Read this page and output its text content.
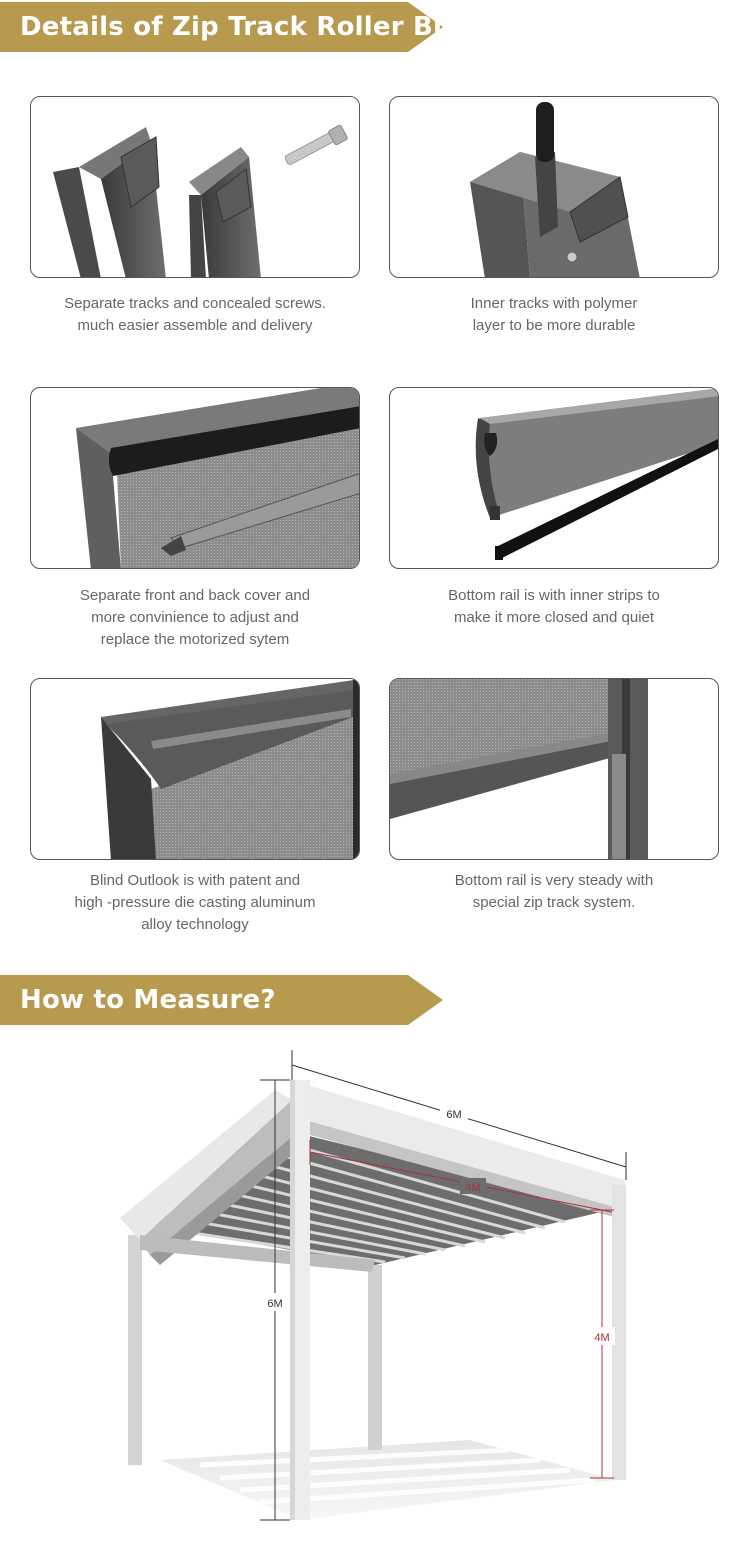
Details of Zip Track Roller Blinds
Separate tracks and concealed screws.
much easier assemble and delivery
Inner tracks with polymer
layer to be more durable
Separate front and back cover and
more convinience to adjust and
replace the motorized sytem
Bottom rail is with inner strips to
make it more closed and quiet
Blind Outlook is with patent and
high -pressure die casting aluminum
alloy technology
Bottom rail is very steady with
special zip track system.
How to Measure?
6M
4M
6M
4M
